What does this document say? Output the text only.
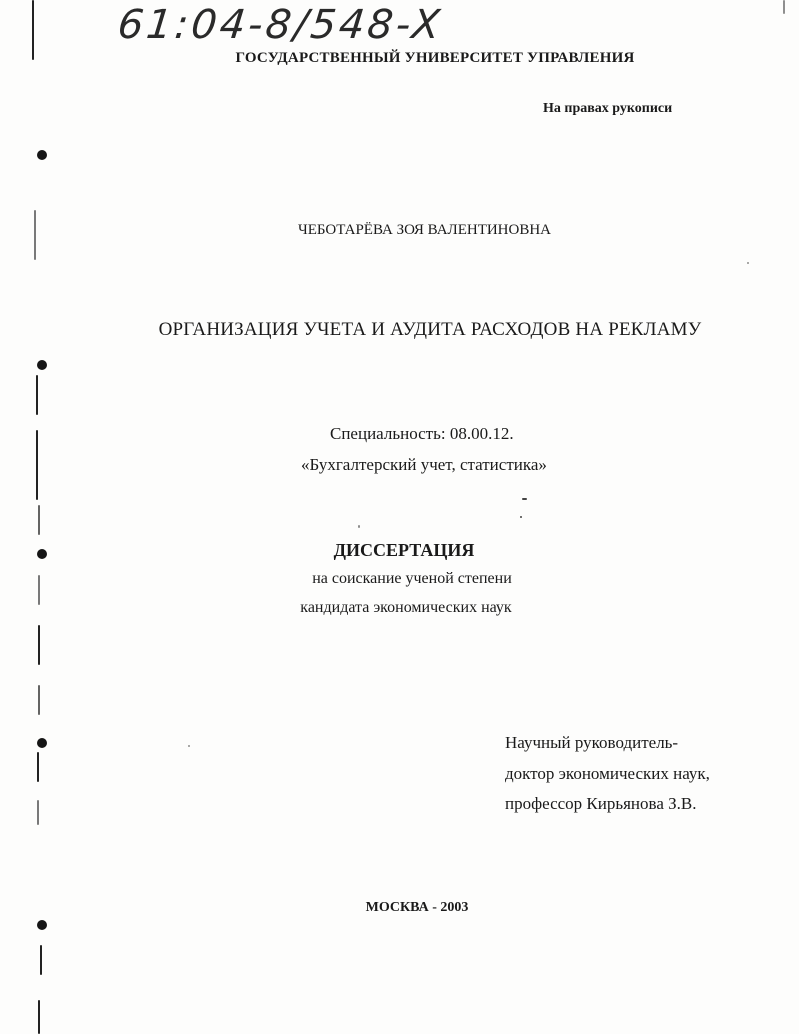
61:04-8/548-X
ГОСУДАРСТВЕННЫЙ УНИВЕРСИТЕТ УПРАВЛЕНИЯ
На правах рукописи
ЧЕБОТАРЁВА ЗОЯ ВАЛЕНТИНОВНА
ОРГАНИЗАЦИЯ УЧЕТА И АУДИТА РАСХОДОВ НА РЕКЛАМУ
Специальность: 08.00.12.
«Бухгалтерский учет, статистика»
ДИССЕРТАЦИЯ
на соискание ученой степени
кандидата экономических наук
Научный руководитель-
доктор экономических наук,
профессор Кирьянова З.В.
МОСКВА - 2003
